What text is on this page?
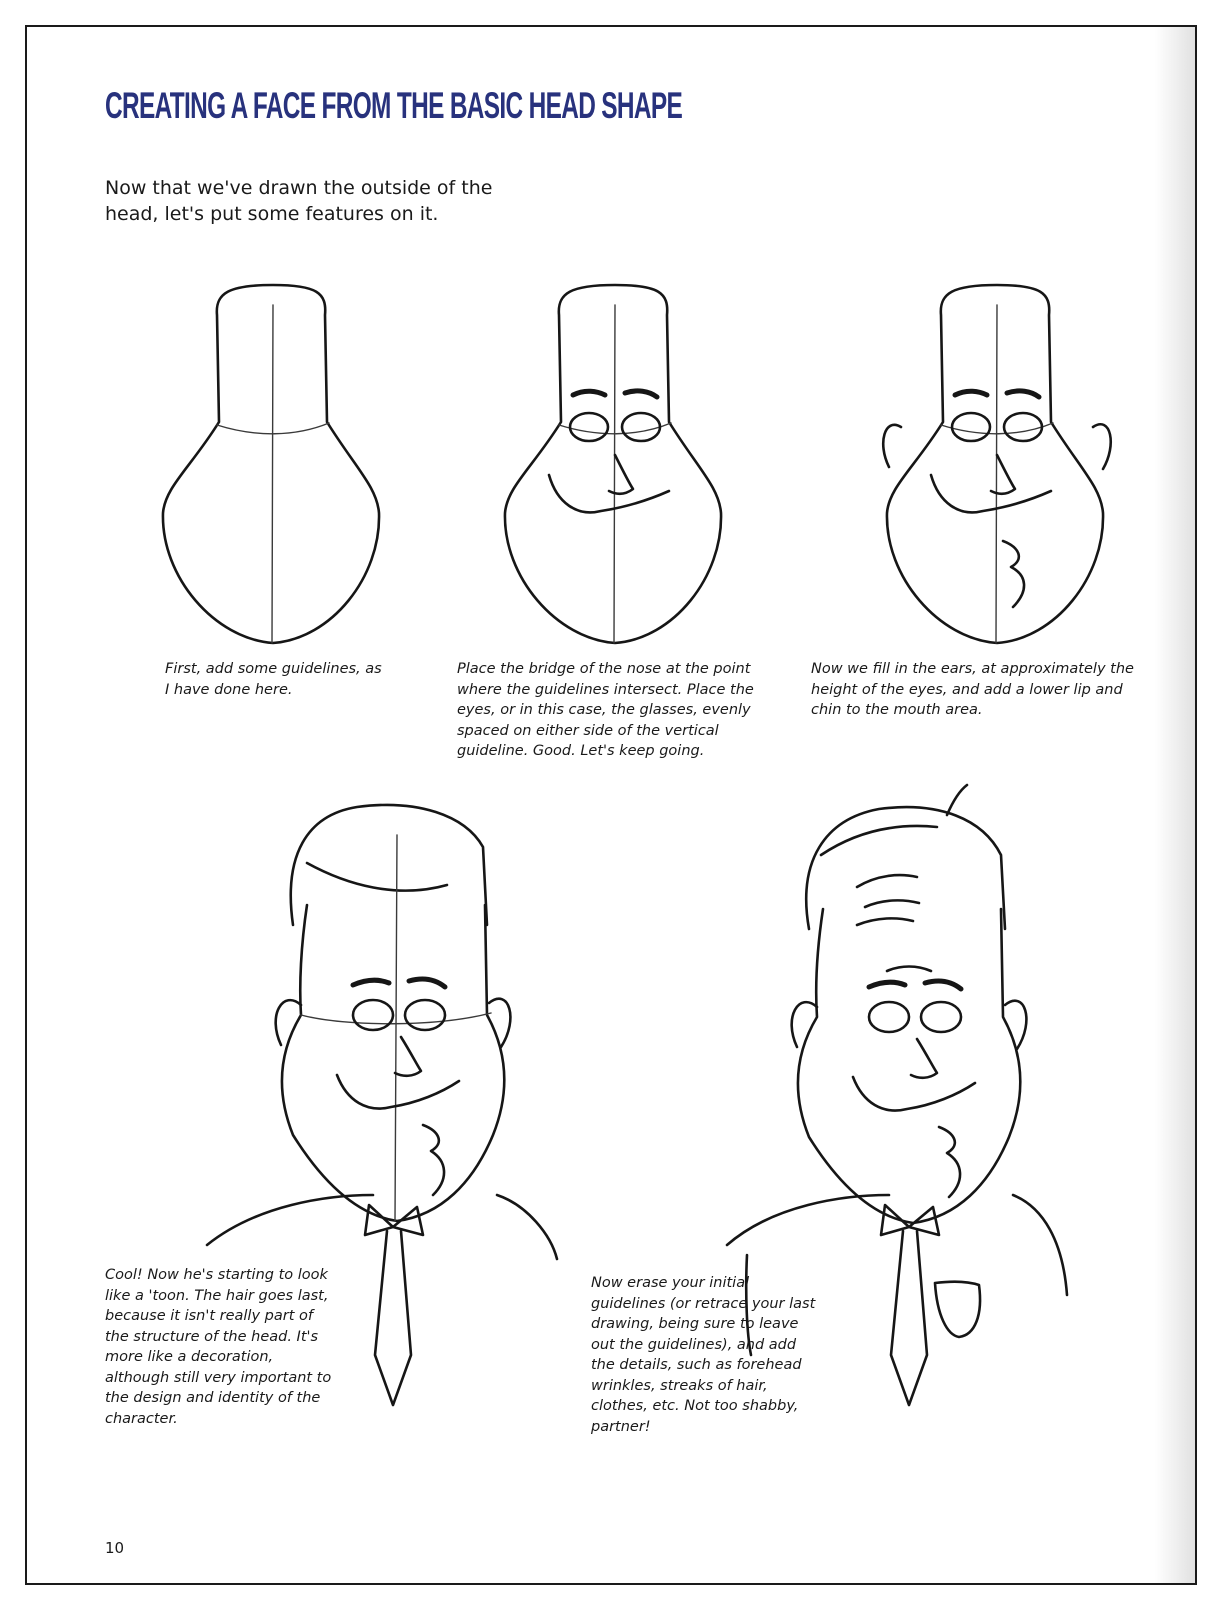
CREATING A FACE FROM THE BASIC HEAD SHAPE

Now that we've drawn the outside of the head, let's put some features on it.

First, add some guidelines, as I have done here.

Place the bridge of the nose at the point where the guidelines intersect. Place the eyes, or in this case, the glasses, evenly spaced on either side of the vertical guideline. Good. Let's keep going.

Now we fill in the ears, at approximately the height of the eyes, and add a lower lip and chin to the mouth area.

Cool! Now he's starting to look like a 'toon. The hair goes last, because it isn't really part of the structure of the head. It's more like a decoration, although still very important to the design and identity of the character.

Now erase your initial guidelines (or retrace your last drawing, being sure to leave out the guidelines), and add the details, such as forehead wrinkles, streaks of hair, clothes, etc. Not too shabby, partner!

10
